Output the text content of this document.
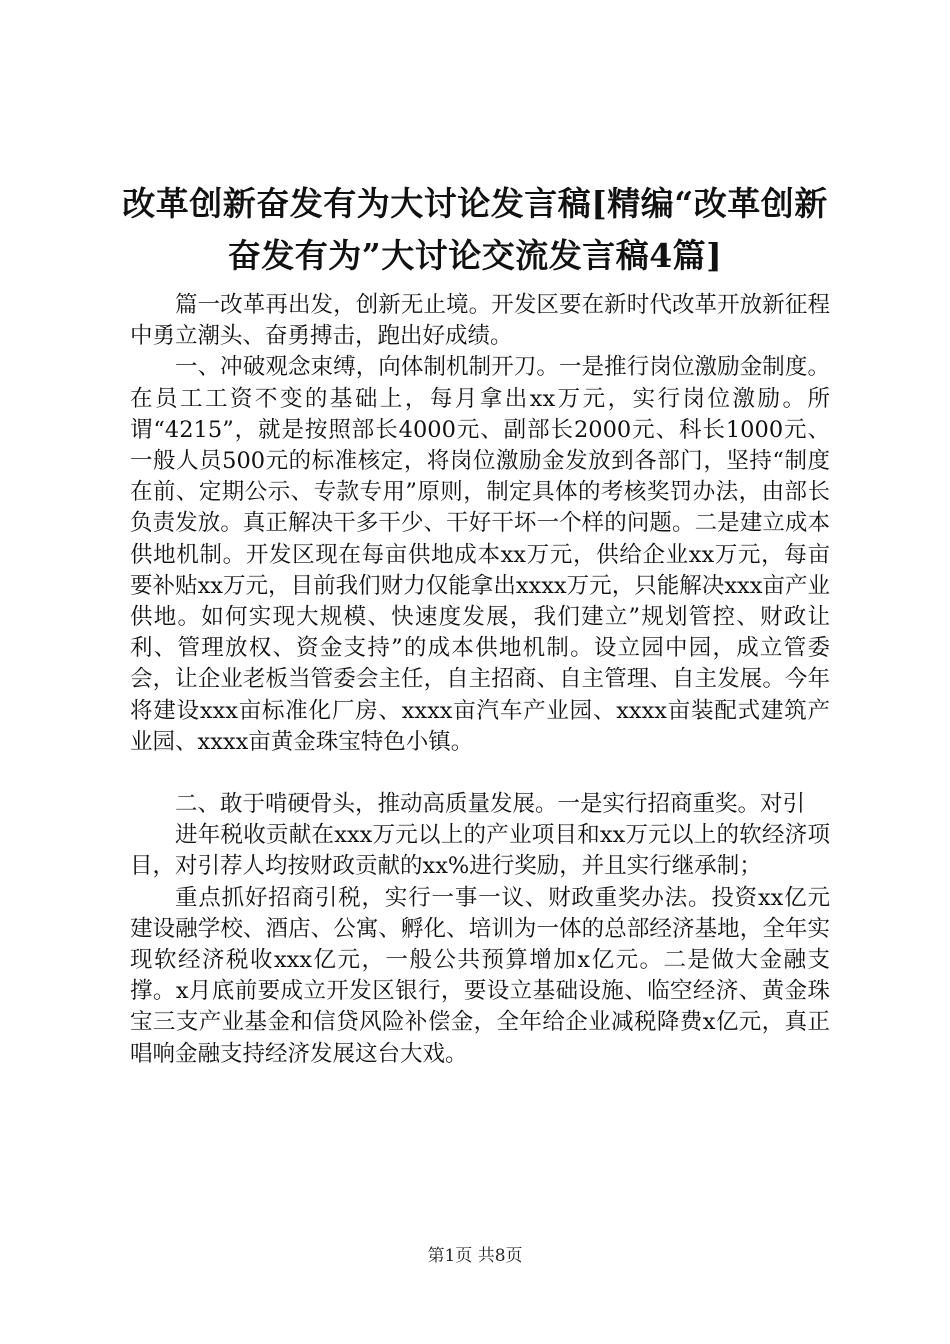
改革创新奋发有为大讨论发言稿[精编“改革创新奋发有为”大讨论交流发言稿4篇]

篇一改革再出发，创新无止境。开发区要在新时代改革开放新征程中勇立潮头、奋勇搏击，跑出好成绩。

一、冲破观念束缚，向体制机制开刀。一是推行岗位激励金制度。在员工工资不变的基础上，每月拿出xx万元，实行岗位激励。所谓“4215”，就是按照部长4000元、副部长2000元、科长1000元、一般人员500元的标准核定，将岗位激励金发放到各部门，坚持“制度在前、定期公示、专款专用”原则，制定具体的考核奖罚办法，由部长负责发放。真正解决干多干少、干好干坏一个样的问题。二是建立成本供地机制。开发区现在每亩供地成本xx万元，供给企业xx万元，每亩要补贴xx万元，目前我们财力仅能拿出xxxx万元，只能解决xxx亩产业供地。如何实现大规模、快速度发展，我们建立”规划管控、财政让利、管理放权、资金支持”的成本供地机制。设立园中园，成立管委会，让企业老板当管委会主任，自主招商、自主管理、自主发展。今年将建设xxx亩标准化厂房、xxxx亩汽车产业园、xxxx亩装配式建筑产业园、xxxx亩黄金珠宝特色小镇。

二、敢于啃硬骨头，推动高质量发展。一是实行招商重奖。对引

进年税收贡献在xxx万元以上的产业项目和xx万元以上的软经济项目，对引荐人均按财政贡献的xx%进行奖励，并且实行继承制；

重点抓好招商引税，实行一事一议、财政重奖办法。投资xx亿元建设融学校、酒店、公寓、孵化、培训为一体的总部经济基地，全年实现软经济税收xxx亿元，一般公共预算增加x亿元。二是做大金融支撑。x月底前要成立开发区银行，要设立基础设施、临空经济、黄金珠宝三支产业基金和信贷风险补偿金，全年给企业减税降费x亿元，真正唱响金融支持经济发展这台大戏。

第1页 共8页
